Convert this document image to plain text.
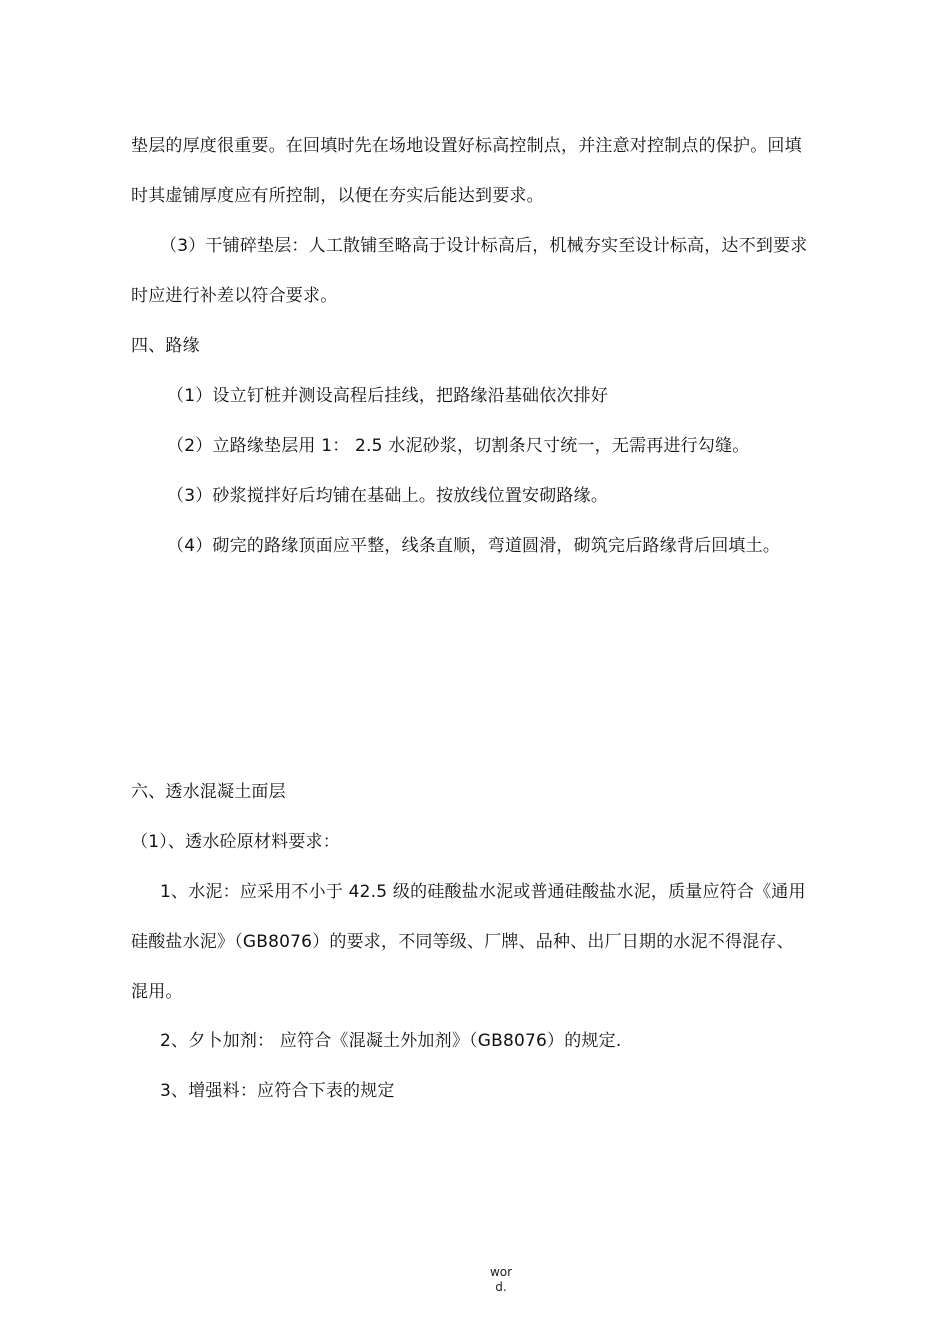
垫层的厚度很重要。在回填时先在场地设置好标高控制点，并注意对控制点的保护。回填
时其虚铺厚度应有所控制，以便在夯实后能达到要求。
（3）干铺碎垫层：人工散铺至略高于设计标高后，机械夯实至设计标高，达不到要求
时应进行补差以符合要求。
四、路缘
（1）设立钉桩并测设高程后挂线，把路缘沿基础依次排好
（2）立路缘垫层用 1： 2.5 水泥砂浆，切割条尺寸统一，无需再进行勾缝。
（3）砂浆搅拌好后均铺在基础上。按放线位置安砌路缘。
（4）砌完的路缘顶面应平整，线条直顺，弯道圆滑，砌筑完后路缘背后回填土。
六、透水混凝土面层
（1）、透水砼原材料要求：
1、水泥：应采用不小于 42.5 级的硅酸盐水泥或普通硅酸盐水泥，质量应符合《通用
硅酸盐水泥》（GB8076）的要求，不同等级、厂牌、品种、出厂日期的水泥不得混存、
混用。
2、夕卜加剂： 应符合《混凝土外加剂》（GB8076）的规定.
3、增强料：应符合下表的规定
wor
d.
